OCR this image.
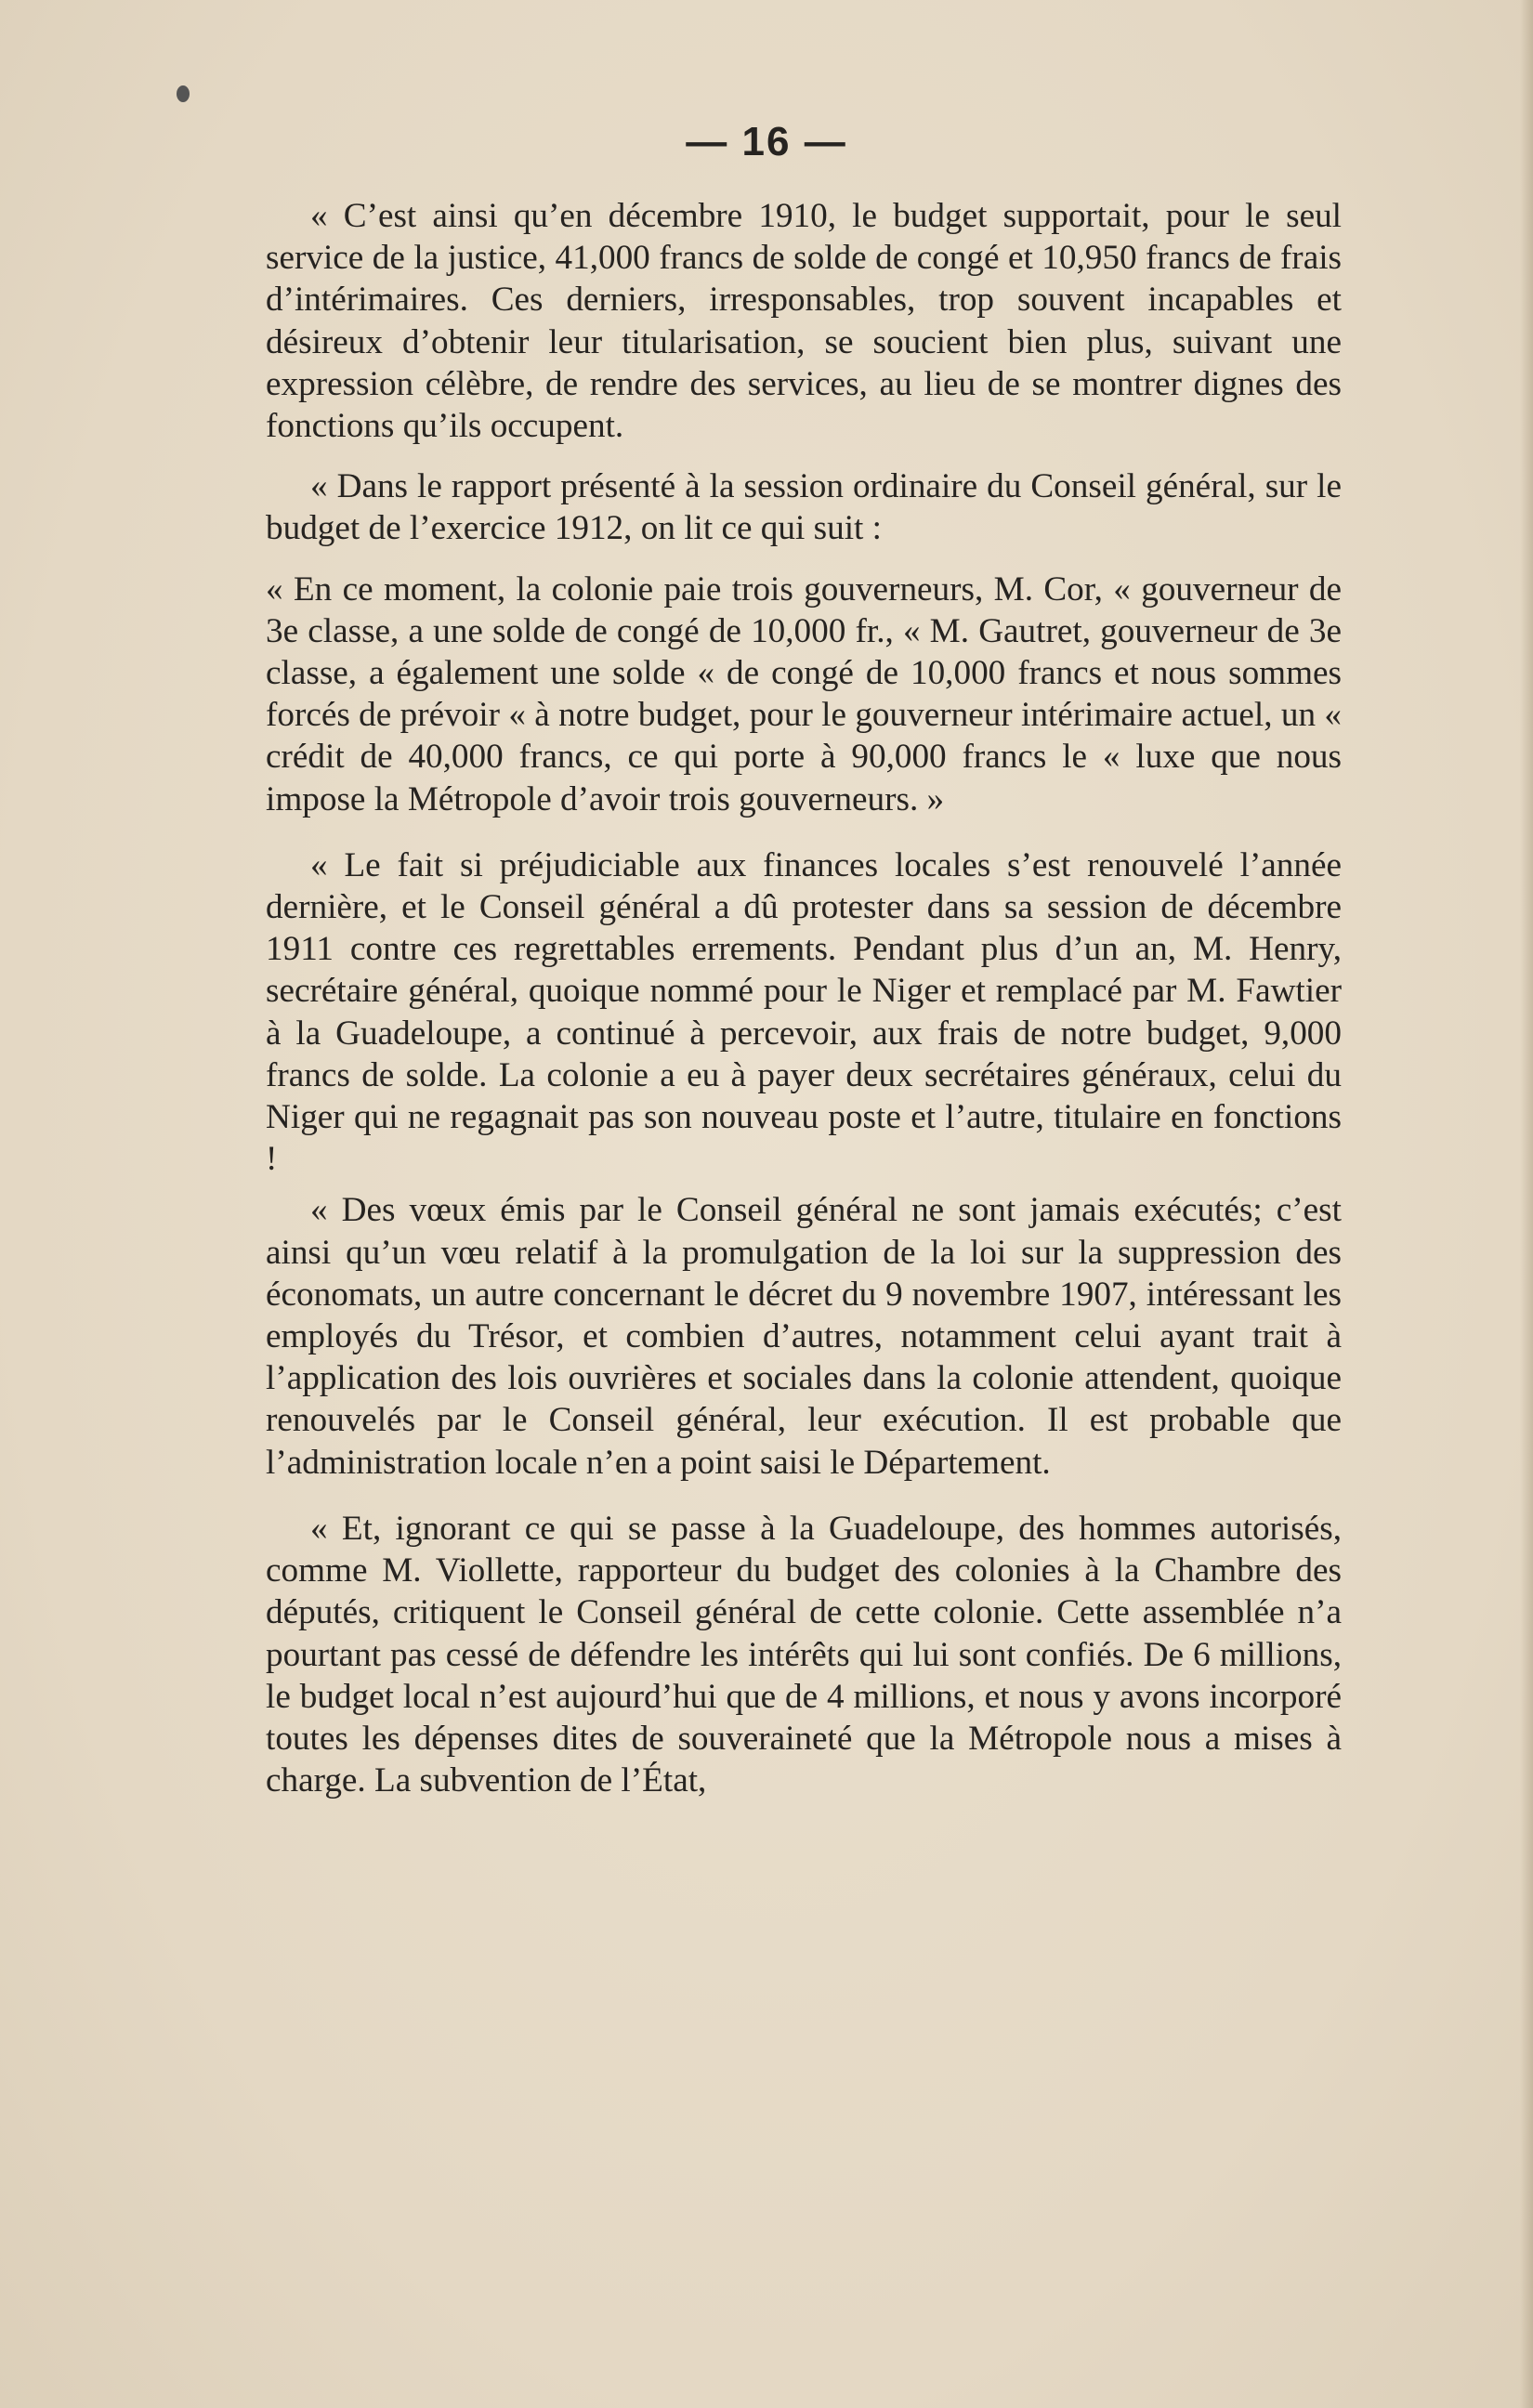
— 16 —

« C’est ainsi qu’en décembre 1910, le budget supportait, pour le seul service de la justice, 41,000 francs de solde de congé et 10,950 francs de frais d’intérimaires. Ces derniers, irresponsables, trop souvent incapables et désireux d’obtenir leur titularisation, se soucient bien plus, suivant une expression célèbre, de rendre des services, au lieu de se montrer dignes des fonctions qu’ils occupent.

« Dans le rapport présenté à la session ordinaire du Conseil général, sur le budget de l’exercice 1912, on lit ce qui suit :

« En ce moment, la colonie paie trois gouverneurs, M. Cor, « gouverneur de 3e classe, a une solde de congé de 10,000 fr., « M. Gautret, gouverneur de 3e classe, a également une solde « de congé de 10,000 francs et nous sommes forcés de prévoir « à notre budget, pour le gouverneur intérimaire actuel, un « crédit de 40,000 francs, ce qui porte à 90,000 francs le « luxe que nous impose la Métropole d’avoir trois gouverneurs. »

« Le fait si préjudiciable aux finances locales s’est renouvelé l’année dernière, et le Conseil général a dû protester dans sa session de décembre 1911 contre ces regrettables errements. Pendant plus d’un an, M. Henry, secrétaire général, quoique nommé pour le Niger et remplacé par M. Fawtier à la Guadeloupe, a continué à percevoir, aux frais de notre budget, 9,000 francs de solde. La colonie a eu à payer deux secrétaires généraux, celui du Niger qui ne regagnait pas son nouveau poste et l’autre, titulaire en fonctions !

« Des vœux émis par le Conseil général ne sont jamais exécutés; c’est ainsi qu’un vœu relatif à la promulgation de la loi sur la suppression des économats, un autre concernant le décret du 9 novembre 1907, intéressant les employés du Trésor, et combien d’autres, notamment celui ayant trait à l’application des lois ouvrières et sociales dans la colonie attendent, quoique renouvelés par le Conseil général, leur exécution. Il est probable que l’administration locale n’en a point saisi le Département.

« Et, ignorant ce qui se passe à la Guadeloupe, des hommes autorisés, comme M. Viollette, rapporteur du budget des colonies à la Chambre des députés, critiquent le Conseil général de cette colonie. Cette assemblée n’a pourtant pas cessé de défendre les intérêts qui lui sont confiés. De 6 millions, le budget local n’est aujourd’hui que de 4 millions, et nous y avons incorporé toutes les dépenses dites de souveraineté que la Métropole nous a mises à charge. La subvention de l’État,
